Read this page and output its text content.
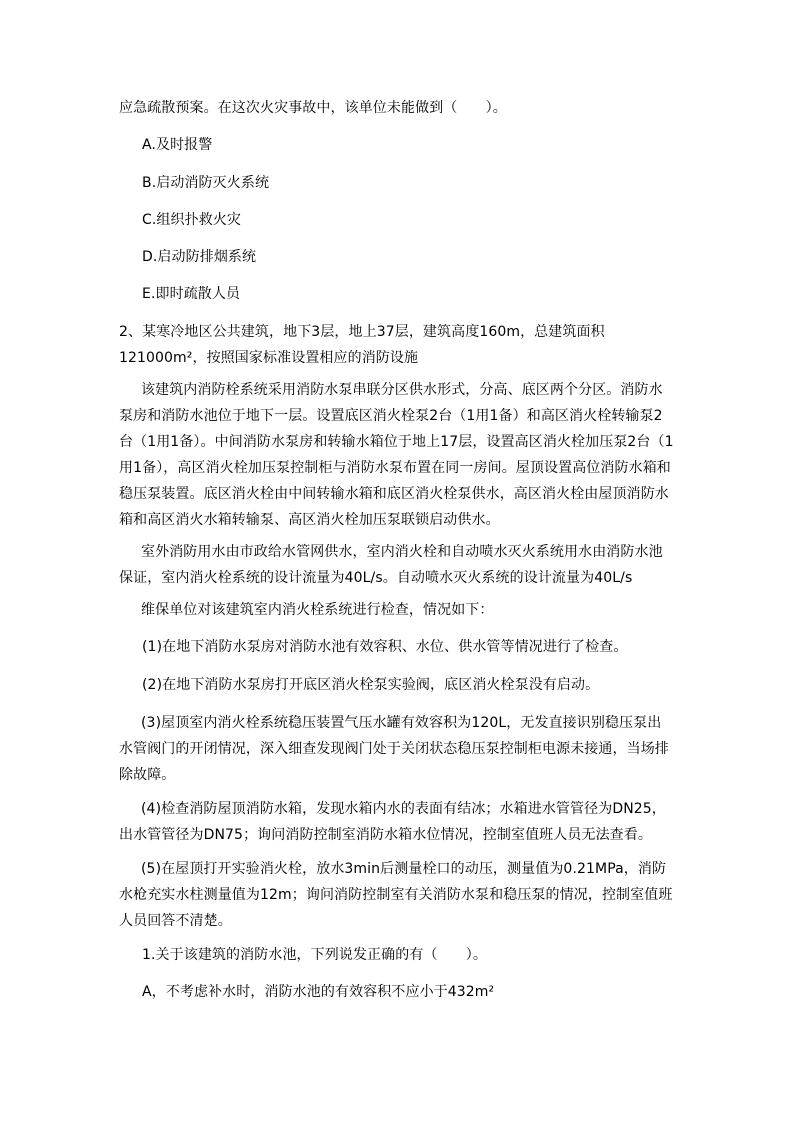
应急疏散预案。在这次火灾事故中，该单位未能做到（　　）。
A.及时报警
B.启动消防灭火系统
C.组织扑救火灾
D.启动防排烟系统
E.即时疏散人员
2、某寒冷地区公共建筑，地下3层，地上37层，建筑高度160m，总建筑面积121000m²，按照国家标准设置相应的消防设施
该建筑内消防栓系统采用消防水泵串联分区供水形式，分高、底区两个分区。消防水泵房和消防水池位于地下一层。设置底区消火栓泵2台（1用1备）和高区消火栓转输泵2台（1用1备）。中间消防水泵房和转输水箱位于地上17层，设置高区消火栓加压泵2台（1用1备），高区消火栓加压泵控制柜与消防水泵布置在同一房间。屋顶设置高位消防水箱和稳压泵装置。底区消火栓由中间转输水箱和底区消火栓泵供水，高区消火栓由屋顶消防水箱和高区消火水箱转输泵、高区消火栓加压泵联锁启动供水。
室外消防用水由市政给水管网供水，室内消火栓和自动喷水灭火系统用水由消防水池保证，室内消火栓系统的设计流量为40L/s。自动喷水灭火系统的设计流量为40L/s
维保单位对该建筑室内消火栓系统进行检查，情况如下：
(1)在地下消防水泵房对消防水池有效容积、水位、供水管等情况进行了检查。
(2)在地下消防水泵房打开底区消火栓泵实验阀，底区消火栓泵没有启动。
(3)屋顶室内消火栓系统稳压装置气压水罐有效容积为120L，无发直接识别稳压泵出水管阀门的开闭情况，深入细查发现阀门处于关闭状态稳压泵控制柜电源未接通，当场排除故障。
(4)检查消防屋顶消防水箱，发现水箱内水的表面有结冰；水箱进水管管径为DN25，出水管管径为DN75；询问消防控制室消防水箱水位情况，控制室值班人员无法查看。
(5)在屋顶打开实验消火栓，放水3min后测量栓口的动压，测量值为0.21MPa，消防水枪充实水柱测量值为12m；询问消防控制室有关消防水泵和稳压泵的情况，控制室值班人员回答不清楚。
1.关于该建筑的消防水池，下列说发正确的有（　　）。
A，不考虑补水时，消防水池的有效容积不应小于432m²
